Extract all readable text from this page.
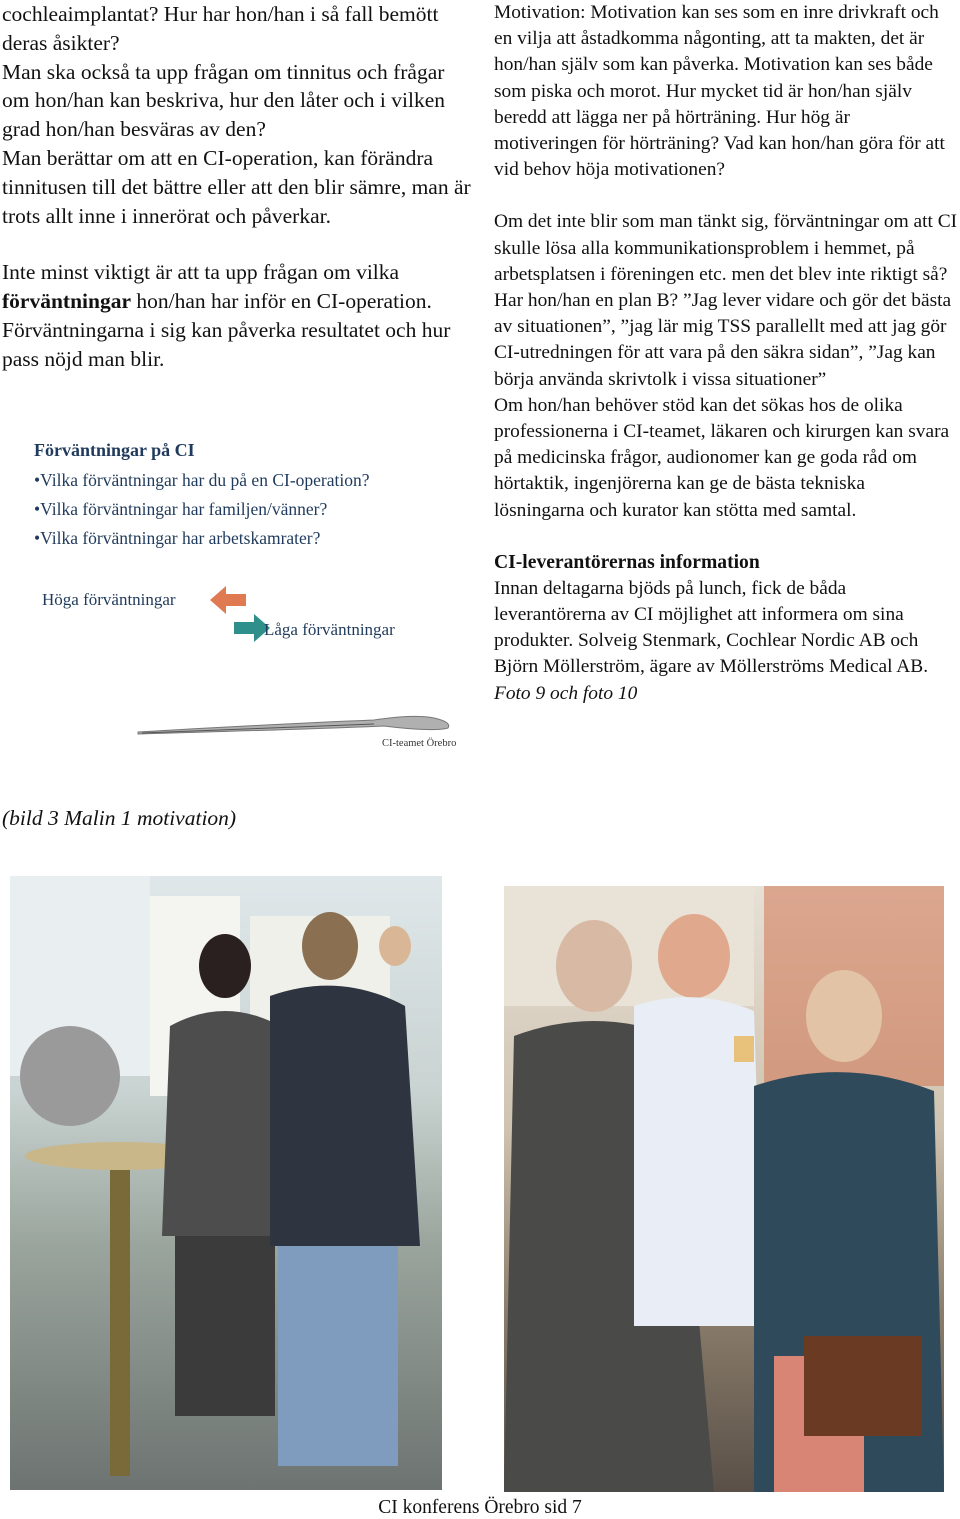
cochleaimplantat? Hur har hon/han i så fall bemött deras åsikter?

Man ska också ta upp frågan om tinnitus och frågar om hon/han kan beskriva, hur den låter och i vilken grad hon/han besväras av den?

Man berättar om att en CI-operation, kan förändra tinnitusen till det bättre eller att den blir sämre, man är trots allt inne i innerörat och påverkar.

Inte minst viktigt är att ta upp frågan om vilka förväntningar hon/han har inför en CI-operation. Förväntningarna i sig kan påverka resultatet och hur pass nöjd man blir.

Förväntningar på CI
•Vilka förväntningar har du på en CI-operation?
•Vilka förväntningar har familjen/vänner?
•Vilka förväntningar har arbetskamrater?
Höga förväntningar
Låga förväntningar
CI-teamet Örebro
(bild 3 Malin 1 motivation)

Motivation: Motivation kan ses som en inre drivkraft och en vilja att åstadkomma någonting, att ta makten, det är hon/han själv som kan påverka. Motivation kan ses både som piska och morot. Hur mycket tid är hon/han själv beredd att lägga ner på hörträning. Hur hög är motiveringen för hörträning? Vad kan hon/han göra för att vid behov höja motivationen?

Om det inte blir som man tänkt sig, förväntningar om att CI skulle lösa alla kommunikationsproblem i hemmet, på arbetsplatsen i föreningen etc. men det blev inte riktigt så?

Har hon/han en plan B? ”Jag lever vidare och gör det bästa av situationen”, ”jag lär mig TSS parallellt med att jag gör CI-utredningen för att vara på den säkra sidan”, ”Jag kan börja använda skrivtolk i vissa situationer”

Om hon/han behöver stöd kan det sökas hos de olika professionerna i CI-teamet, läkaren och kirurgen kan svara på medicinska frågor, audionomer kan ge goda råd om hörtaktik, ingenjörerna kan ge de bästa tekniska lösningarna och kurator kan stötta med samtal.

CI-leverantörernas information

Innan deltagarna bjöds på lunch, fick de båda leverantörerna av CI möjlighet att informera om sina produkter. Solveig Stenmark, Cochlear Nordic AB och Björn Möllerström, ägare av Möllerströms Medical AB.

Foto 9 och foto 10

CI konferens Örebro sid 7
